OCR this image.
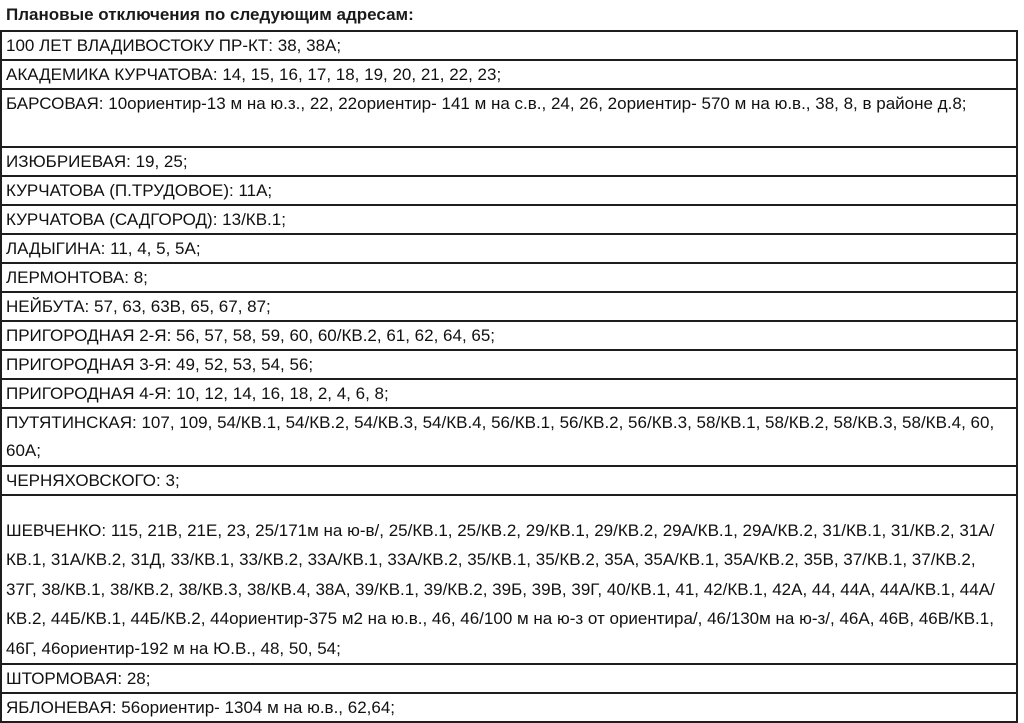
Плановые отключения по следующим адресам:
100 ЛЕТ ВЛАДИВОСТОКУ ПР-КТ: 38, 38А;
АКАДЕМИКА КУРЧАТОВА: 14, 15, 16, 17, 18, 19, 20, 21, 22, 23;
БАРСОВАЯ: 10ориентир-13 м на ю.з., 22, 22ориентир- 141 м на с.в., 24, 26, 2ориентир- 570 м на ю.в., 38, 8, в районе д.8;
ИЗЮБРИЕВАЯ: 19, 25;
КУРЧАТОВА (П.ТРУДОВОЕ): 11А;
КУРЧАТОВА (САДГОРОД): 13/КВ.1;
ЛАДЫГИНА: 11, 4, 5, 5А;
ЛЕРМОНТОВА: 8;
НЕЙБУТА: 57, 63, 63В, 65, 67, 87;
ПРИГОРОДНАЯ 2-Я: 56, 57, 58, 59, 60, 60/КВ.2, 61, 62, 64, 65;
ПРИГОРОДНАЯ 3-Я: 49, 52, 53, 54, 56;
ПРИГОРОДНАЯ 4-Я: 10, 12, 14, 16, 18, 2, 4, 6, 8;
ПУТЯТИНСКАЯ: 107, 109, 54/КВ.1, 54/КВ.2, 54/КВ.3, 54/КВ.4, 56/КВ.1, 56/КВ.2, 56/КВ.3, 58/КВ.1, 58/КВ.2, 58/КВ.3, 58/КВ.4, 60, 60А;
ЧЕРНЯХОВСКОГО: 3;
ШЕВЧЕНКО: 115, 21В, 21Е, 23, 25/171м на ю-в/, 25/КВ.1, 25/КВ.2, 29/КВ.1, 29/КВ.2, 29А/КВ.1, 29А/КВ.2, 31/КВ.1, 31/КВ.2, 31А/КВ.1, 31А/КВ.2, 31Д, 33/КВ.1, 33/КВ.2, 33А/КВ.1, 33А/КВ.2, 35/КВ.1, 35/КВ.2, 35А, 35А/КВ.1, 35А/КВ.2, 35В, 37/КВ.1, 37/КВ.2, 37Г, 38/КВ.1, 38/КВ.2, 38/КВ.3, 38/КВ.4, 38А, 39/КВ.1, 39/КВ.2, 39Б, 39В, 39Г, 40/КВ.1, 41, 42/КВ.1, 42А, 44, 44А, 44А/КВ.1, 44А/КВ.2, 44Б/КВ.1, 44Б/КВ.2, 44ориентир-375 м2 на ю.в., 46, 46/100 м на ю-з от ориентира/, 46/130м на ю-з/, 46А, 46В, 46В/КВ.1, 46Г, 46ориентир-192 м на Ю.В., 48, 50, 54;
ШТОРМОВАЯ: 28;
ЯБЛОНЕВАЯ: 56ориентир- 1304 м на ю.в., 62,64;
